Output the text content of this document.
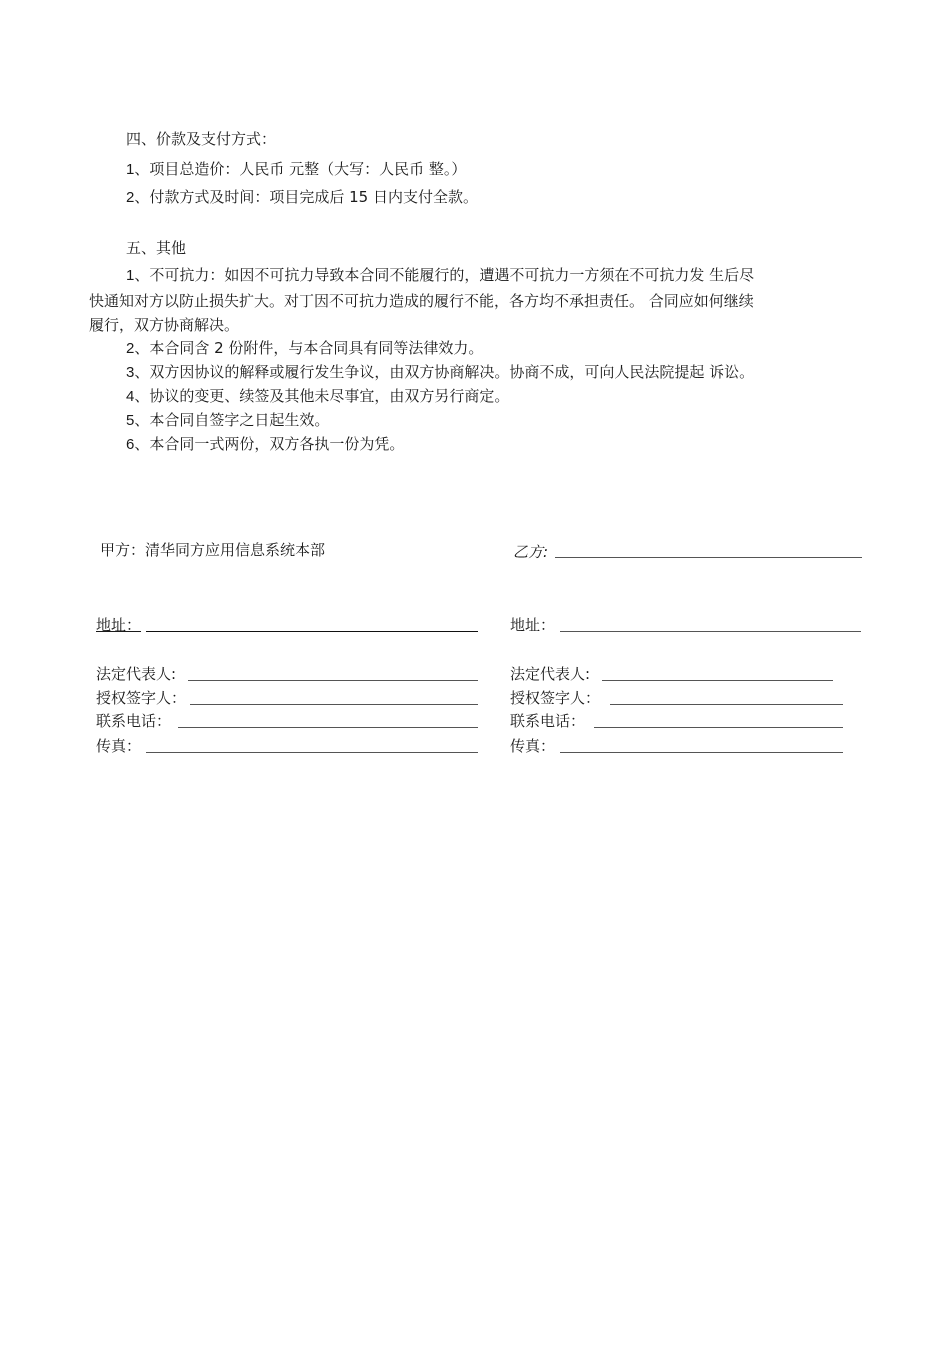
四、价款及支付方式：
1、项目总造价：人民币 元整（大写：人民币 整。）
2、付款方式及时间：项目完成后 15 日内支付全款。
五、其他
1、不可抗力：如因不可抗力导致本合同不能履行的，遭遇不可抗力一方须在不可抗力发 生后尽
快通知对方以防止损失扩大。对丁因不可抗力造成的履行不能，各方均不承担责任。 合同应如何继续
履行，双方协商解决。
2、本合同含 2 份附件，与本合同具有同等法律效力。
3、双方因协议的解释或履行发生争议，由双方协商解决。协商不成，可向人民法院提起 诉讼。
4、协议的变更、续签及其他未尽事宜，由双方另行商定。
5、本合同自签字之日起生效。
6、本合同一式两份，双方各执一份为凭。
甲方：清华同方应用信息系统本部
地址：
法定代表人:
授权签字人：
联系电话：
传真：
乙方:
地址：
法定代表人:
授权签字人：
联系电话：
传真：
